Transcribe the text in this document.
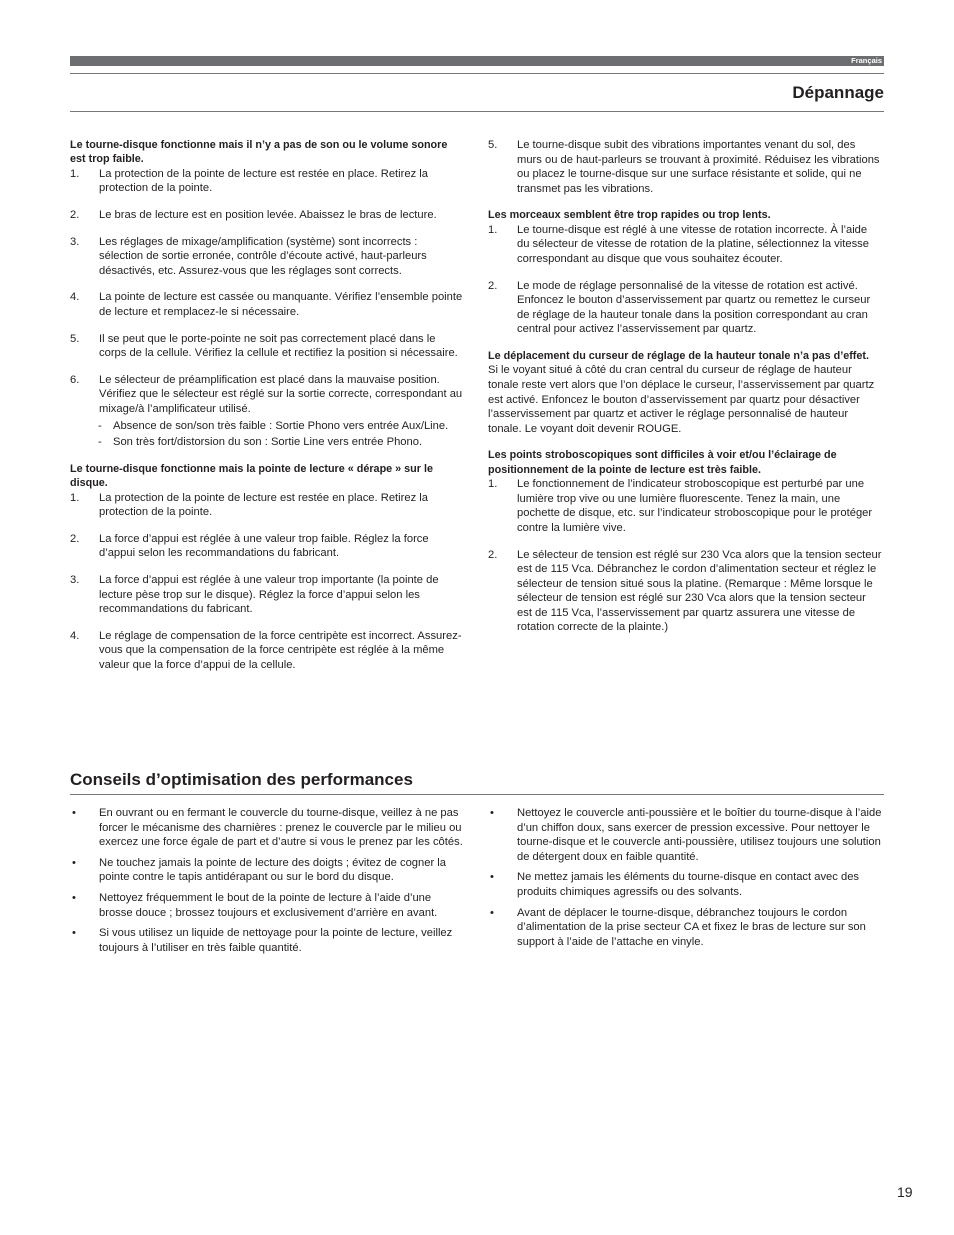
Français
Dépannage
Le tourne-disque fonctionne mais il n’y a pas de son ou le volume sonore est trop faible.
1.	La protection de la pointe de lecture est restée en place. Retirez la protection de la pointe.
2.	Le bras de lecture est en position levée. Abaissez le bras de lecture.
3.	Les réglages de mixage/amplification (système) sont incorrects : sélection de sortie erronée, contrôle d’écoute activé, haut-parleurs désactivés, etc. Assurez-vous que les réglages sont corrects.
4.	La pointe de lecture est cassée ou manquante. Vérifiez l’ensemble pointe de lecture et remplacez-le si nécessaire.
5.	Il se peut que le porte-pointe ne soit pas correctement placé dans le corps de la cellule. Vérifiez la cellule et rectifiez la position si nécessaire.
6.	Le sélecteur de préamplification est placé dans la mauvaise position. Vérifiez que le sélecteur est réglé sur la sortie correcte, correspondant au mixage/à l’amplificateur utilisé.
-	Absence de son/son très faible : Sortie Phono vers entrée Aux/Line.
-	Son très fort/distorsion du son : Sortie Line vers entrée Phono.
Le tourne-disque fonctionne mais la pointe de lecture « dérape » sur le disque.
1.	La protection de la pointe de lecture est restée en place. Retirez la protection de la pointe.
2.	La force d’appui est réglée à une valeur trop faible. Réglez la force d’appui selon les recommandations du fabricant.
3.	La force d’appui est réglée à une valeur trop importante (la pointe de lecture pèse trop sur le disque). Réglez la force d’appui selon les recommandations du fabricant.
4.	Le réglage de compensation de la force centripète est incorrect. Assurez-vous que la compensation de la force centripète est réglée à la même valeur que la force d’appui de la cellule.
5.	Le tourne-disque subit des vibrations importantes venant du sol, des murs ou de haut-parleurs se trouvant à proximité. Réduisez les vibrations ou placez le tourne-disque sur une surface résistante et solide, qui ne transmet pas les vibrations.
Les morceaux semblent être trop rapides ou trop lents.
1.	Le tourne-disque est réglé à une vitesse de rotation incorrecte. À l’aide du sélecteur de vitesse de rotation de la platine, sélectionnez la vitesse correspondant au disque que vous souhaitez écouter.
2.	Le mode de réglage personnalisé de la vitesse de rotation est activé. Enfoncez le bouton d’asservissement par quartz ou remettez le curseur de réglage de la hauteur tonale dans la position correspondant au cran central pour activez l’asservissement par quartz.
Le déplacement du curseur de réglage de la hauteur tonale n’a pas d’effet.
Si le voyant situé à côté du cran central du curseur de réglage de hauteur tonale reste vert alors que l’on déplace le curseur, l’asservissement par quartz est activé. Enfoncez le bouton d’asservissement par quartz pour désactiver l’asservissement par quartz et activer le réglage personnalisé de hauteur tonale. Le voyant doit devenir ROUGE.
Les points stroboscopiques sont difficiles à voir et/ou l’éclairage de positionnement de la pointe de lecture est très faible.
1.	Le fonctionnement de l’indicateur stroboscopique est perturbé par une lumière trop vive ou une lumière fluorescente. Tenez la main, une pochette de disque, etc. sur l’indicateur stroboscopique pour le protéger contre la lumière vive.
2.	Le sélecteur de tension est réglé sur 230 Vca alors que la tension secteur est de 115 Vca. Débranchez le cordon d’alimentation secteur et réglez le sélecteur de tension situé sous la platine. (Remarque : Même lorsque le sélecteur de tension est réglé sur 230 Vca alors que la tension secteur est de 115 Vca, l’asservissement par quartz assurera une vitesse de rotation correcte de la plainte.)
Conseils d’optimisation des performances
•	En ouvrant ou en fermant le couvercle du tourne-disque, veillez à ne pas forcer le mécanisme des charnières : prenez le couvercle par le milieu ou exercez une force égale de part et d’autre si vous le prenez par les côtés.
•	Ne touchez jamais la pointe de lecture des doigts ; évitez de cogner la pointe contre le tapis antidérapant ou sur le bord du disque.
•	Nettoyez fréquemment le bout de la pointe de lecture à l’aide d’une brosse douce ; brossez toujours et exclusivement d’arrière en avant.
•	Si vous utilisez un liquide de nettoyage pour la pointe de lecture, veillez toujours à l’utiliser en très faible quantité.
•	Nettoyez le couvercle anti-poussière et le boîtier du tourne-disque à l’aide d’un chiffon doux, sans exercer de pression excessive. Pour nettoyer le tourne-disque et le couvercle anti-poussière, utilisez toujours une solution de détergent doux en faible quantité.
•	Ne mettez jamais les éléments du tourne-disque en contact avec des produits chimiques agressifs ou des solvants.
•	Avant de déplacer le tourne-disque, débranchez toujours le cordon d’alimentation de la prise secteur CA et fixez le bras de lecture sur son support à l’aide de l’attache en vinyle.
19
